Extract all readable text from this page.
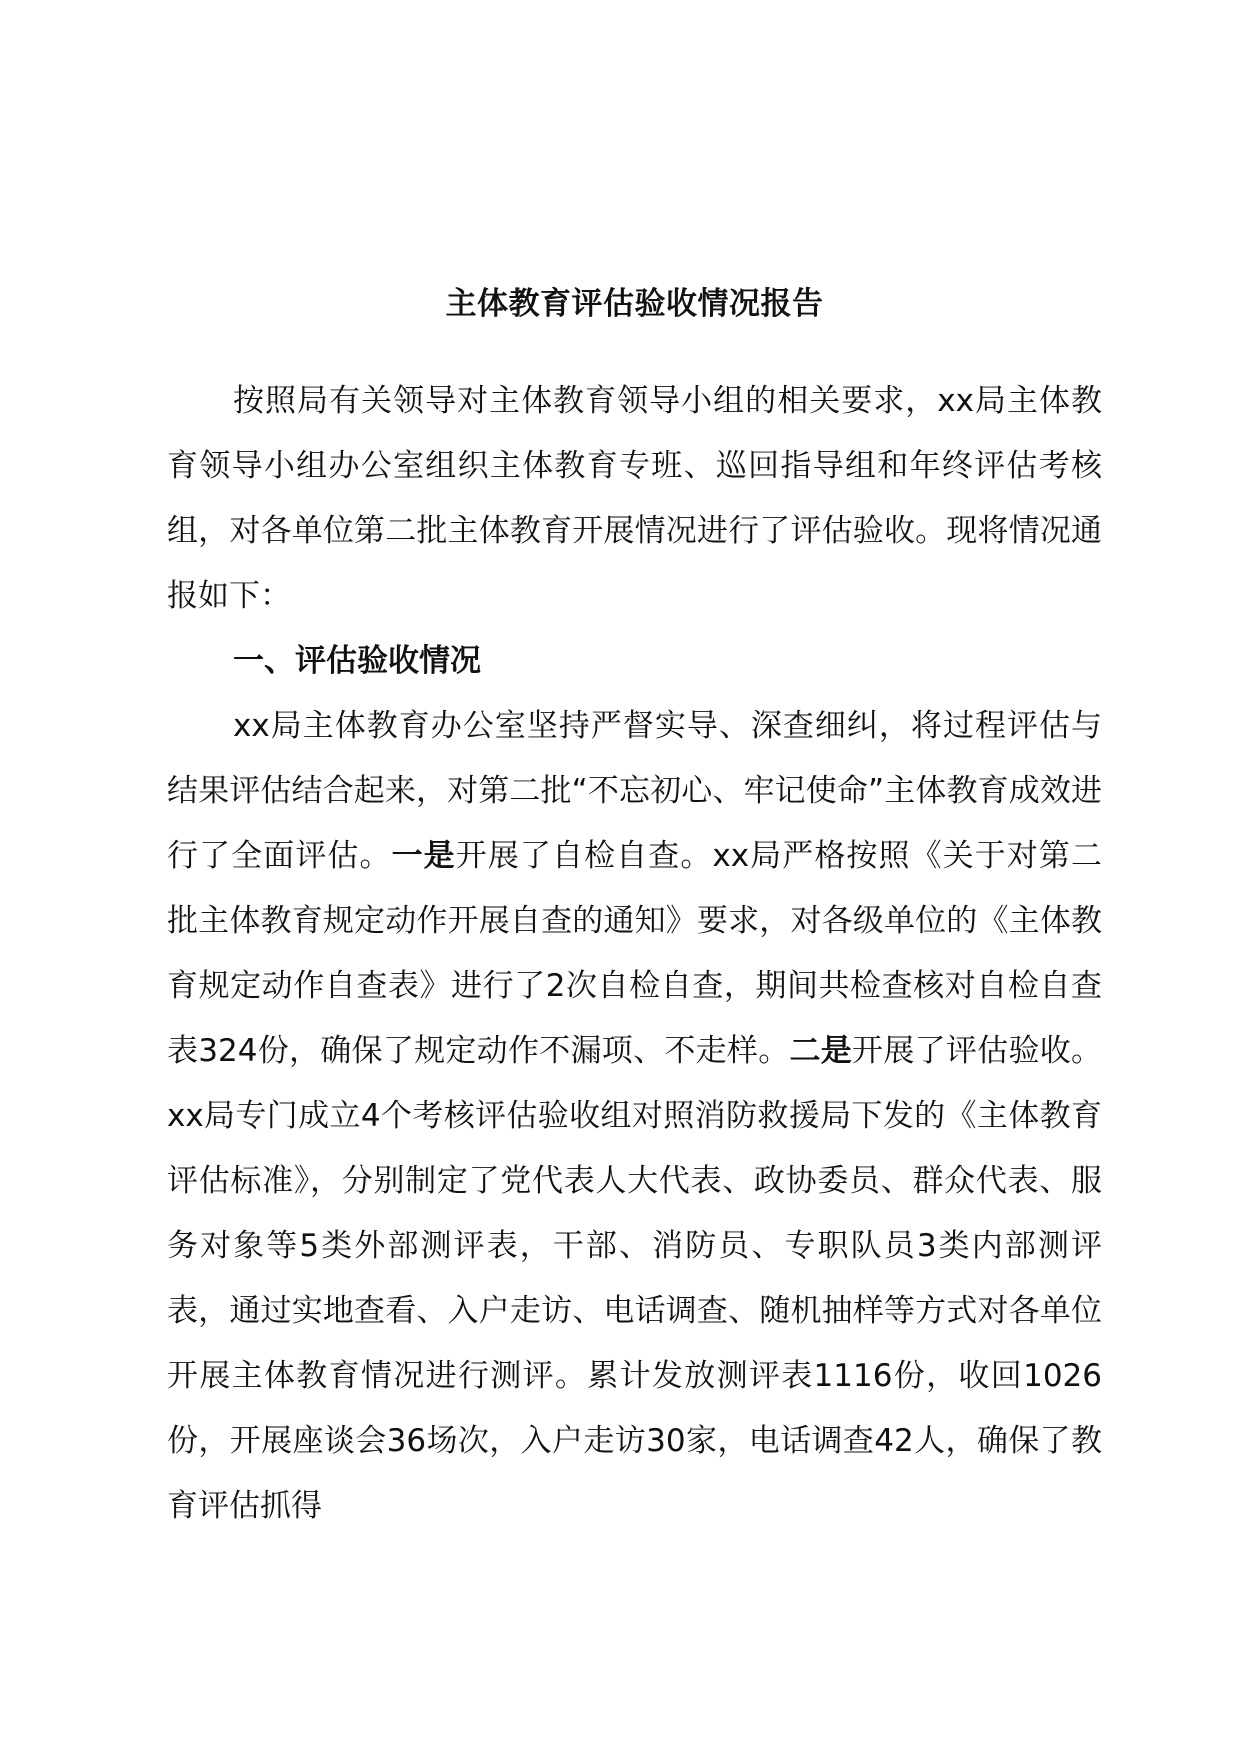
主体教育评估验收情况报告

按照局有关领导对主体教育领导小组的相关要求，xx局主体教育领导小组办公室组织主体教育专班、巡回指导组和年终评估考核组，对各单位第二批主体教育开展情况进行了评估验收。现将情况通报如下：

一、评估验收情况

xx局主体教育办公室坚持严督实导、深查细纠，将过程评估与结果评估结合起来，对第二批“不忘初心、牢记使命”主体教育成效进行了全面评估。一是开展了自检自查。xx局严格按照《关于对第二批主体教育规定动作开展自查的通知》要求，对各级单位的《主体教育规定动作自查表》进行了2次自检自查，期间共检查核对自检自查表324份，确保了规定动作不漏项、不走样。二是开展了评估验收。xx局专门成立4个考核评估验收组对照消防救援局下发的《主体教育评估标准》，分别制定了党代表人大代表、政协委员、群众代表、服务对象等5类外部测评表，干部、消防员、专职队员3类内部测评表，通过实地查看、入户走访、电话调查、随机抽样等方式对各单位开展主体教育情况进行测评。累计发放测评表1116份，收回1026份，开展座谈会36场次，入户走访30家，电话调查42人，确保了教育评估抓得
